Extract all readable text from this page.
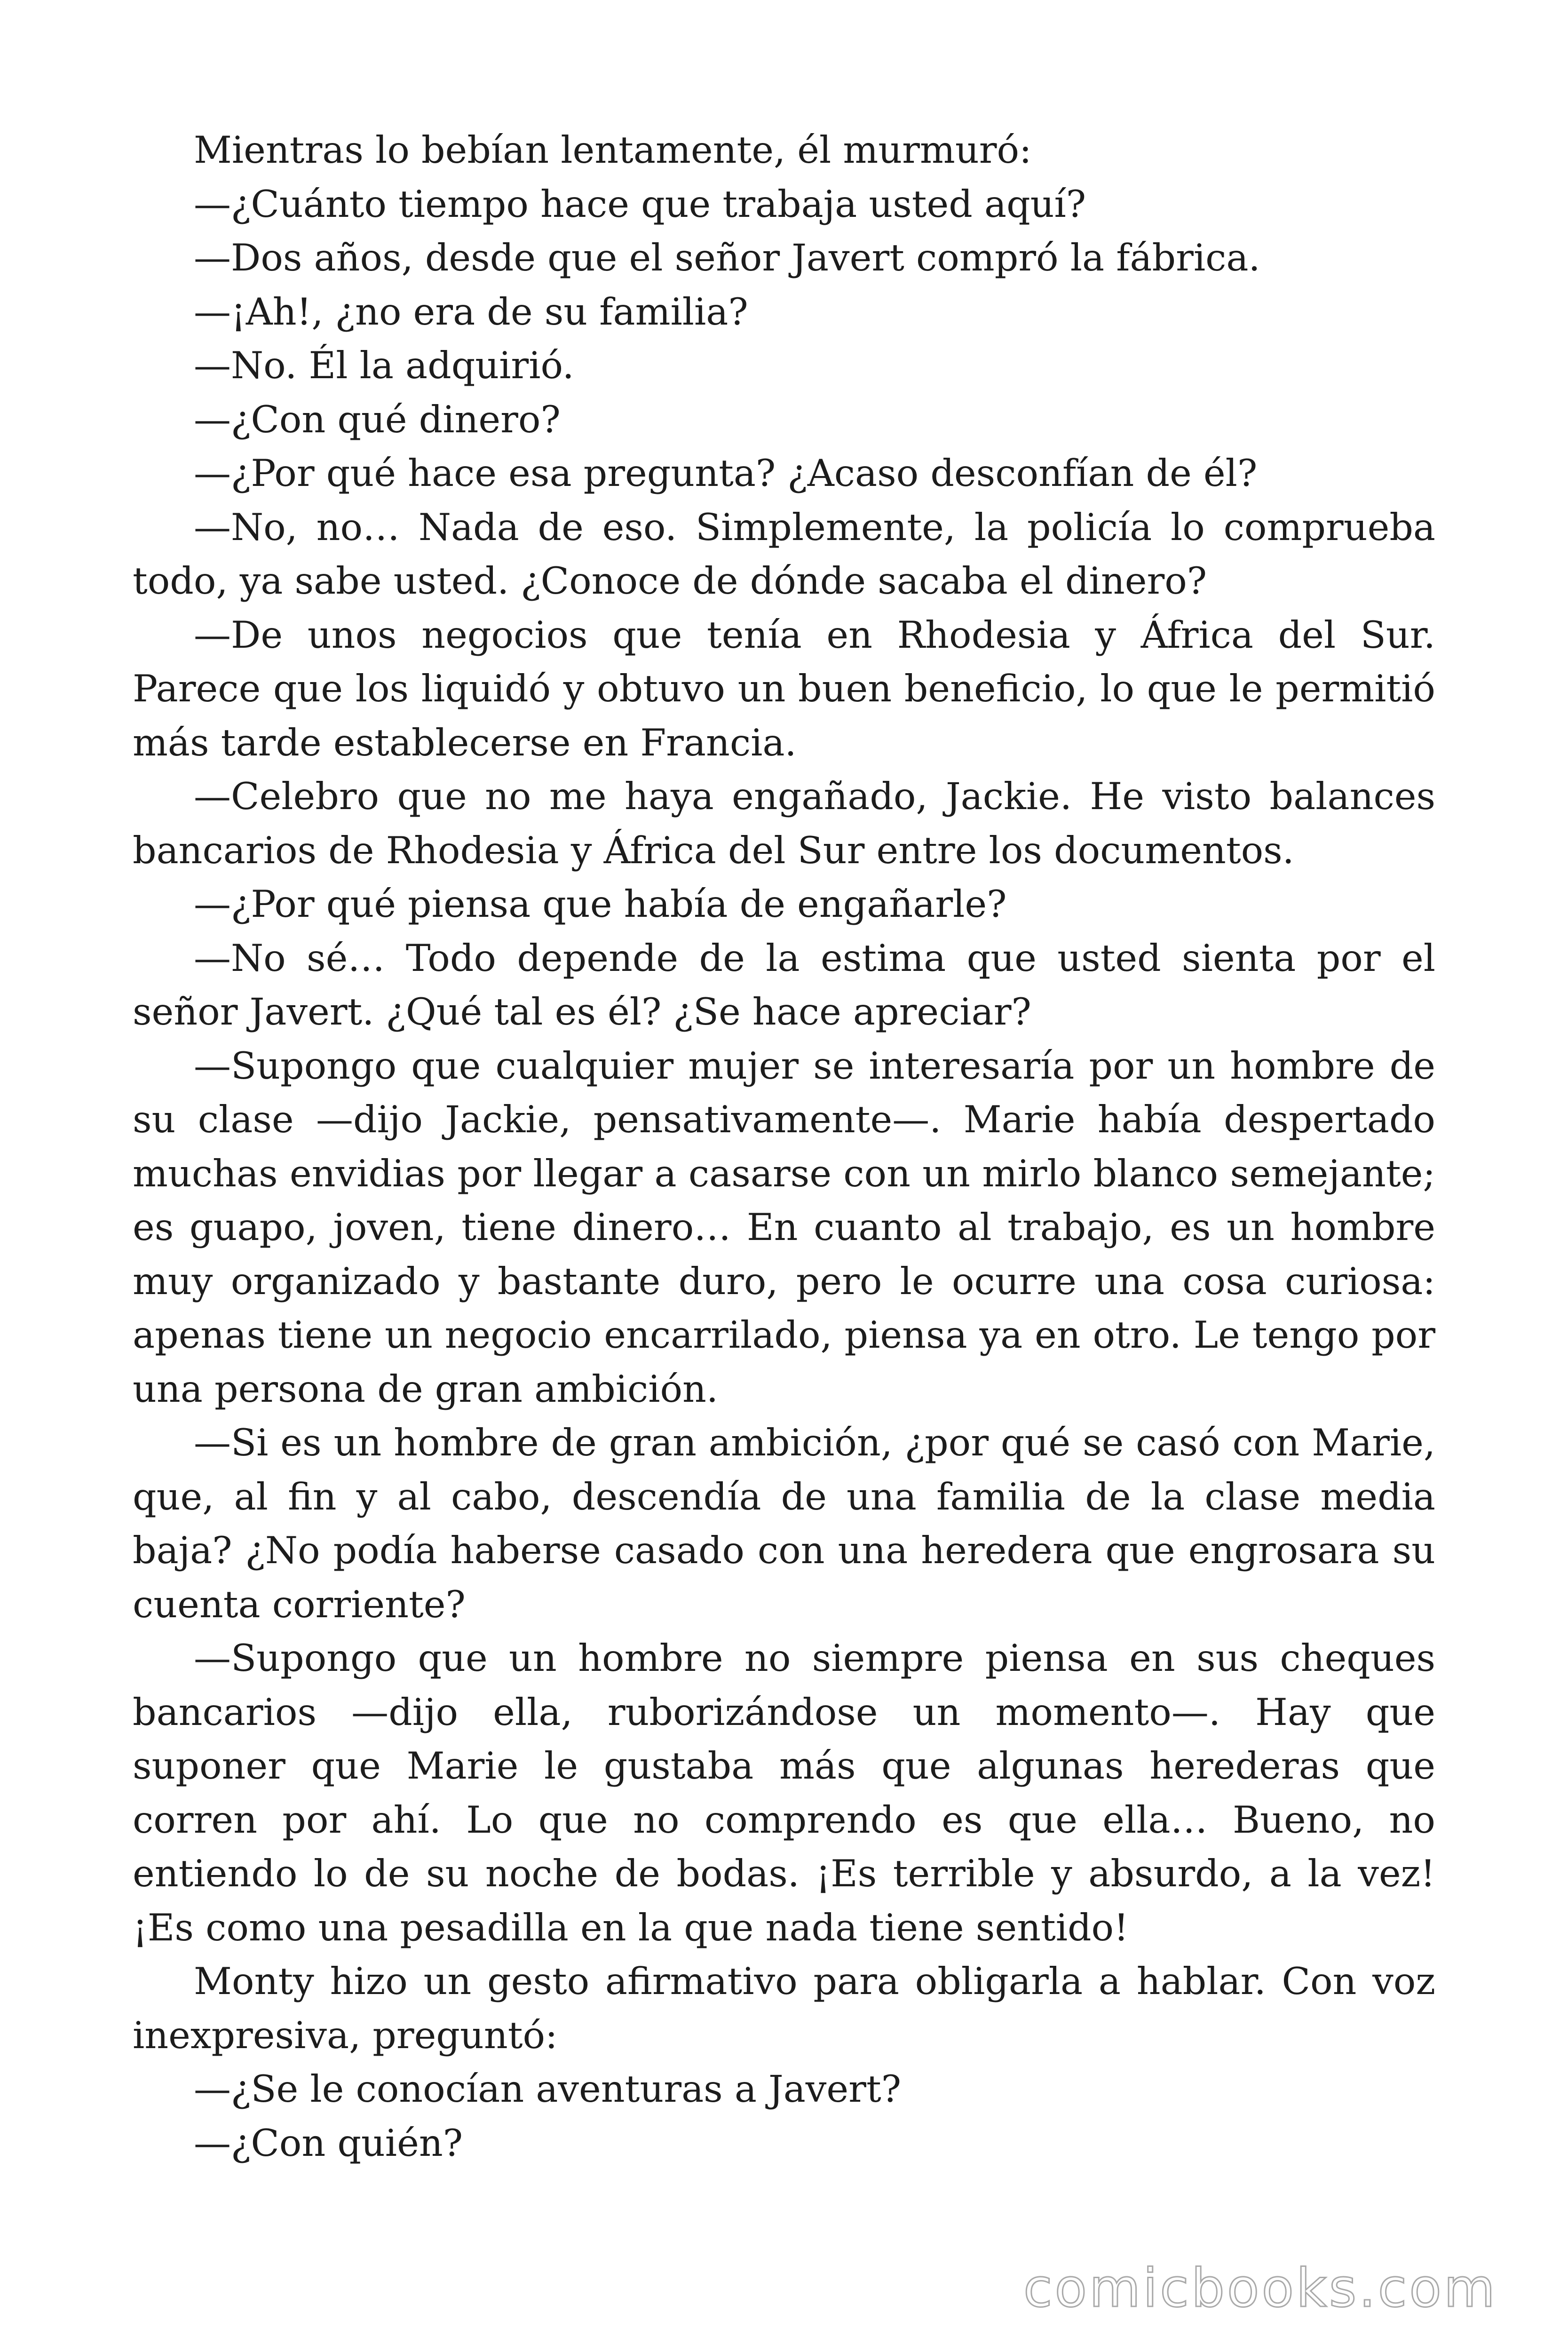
Mientras lo bebían lentamente, él murmuró:

—¿Cuánto tiempo hace que trabaja usted aquí?

—Dos años, desde que el señor Javert compró la fábrica.

—¡Ah!, ¿no era de su familia?

—No. Él la adquirió.

—¿Con qué dinero?

—¿Por qué hace esa pregunta? ¿Acaso desconfían de él?

—No, no… Nada de eso. Simplemente, la policía lo comprueba todo, ya sabe usted. ¿Conoce de dónde sacaba el dinero?

—De unos negocios que tenía en Rhodesia y África del Sur. Parece que los liquidó y obtuvo un buen beneficio, lo que le permitió más tarde establecerse en Francia.

—Celebro que no me haya engañado, Jackie. He visto balances bancarios de Rhodesia y África del Sur entre los documentos.

—¿Por qué piensa que había de engañarle?

—No sé… Todo depende de la estima que usted sienta por el señor Javert. ¿Qué tal es él? ¿Se hace apreciar?

—Supongo que cualquier mujer se interesaría por un hombre de su clase —dijo Jackie, pensativamente—. Marie había despertado muchas envidias por llegar a casarse con un mirlo blanco semejante; es guapo, joven, tiene dinero… En cuanto al trabajo, es un hombre muy organizado y bastante duro, pero le ocurre una cosa curiosa: apenas tiene un negocio encarrilado, piensa ya en otro. Le tengo por una persona de gran ambición.

—Si es un hombre de gran ambición, ¿por qué se casó con Marie, que, al fin y al cabo, descendía de una familia de la clase media baja? ¿No podía haberse casado con una heredera que engrosara su cuenta corriente?

—Supongo que un hombre no siempre piensa en sus cheques bancarios —dijo ella, ruborizándose un momento—. Hay que suponer que Marie le gustaba más que algunas herederas que corren por ahí. Lo que no comprendo es que ella… Bueno, no entiendo lo de su noche de bodas. ¡Es terrible y absurdo, a la vez! ¡Es como una pesadilla en la que nada tiene sentido!

Monty hizo un gesto afirmativo para obligarla a hablar. Con voz inexpresiva, preguntó:

—¿Se le conocían aventuras a Javert?

—¿Con quién?

comicbooks.com
